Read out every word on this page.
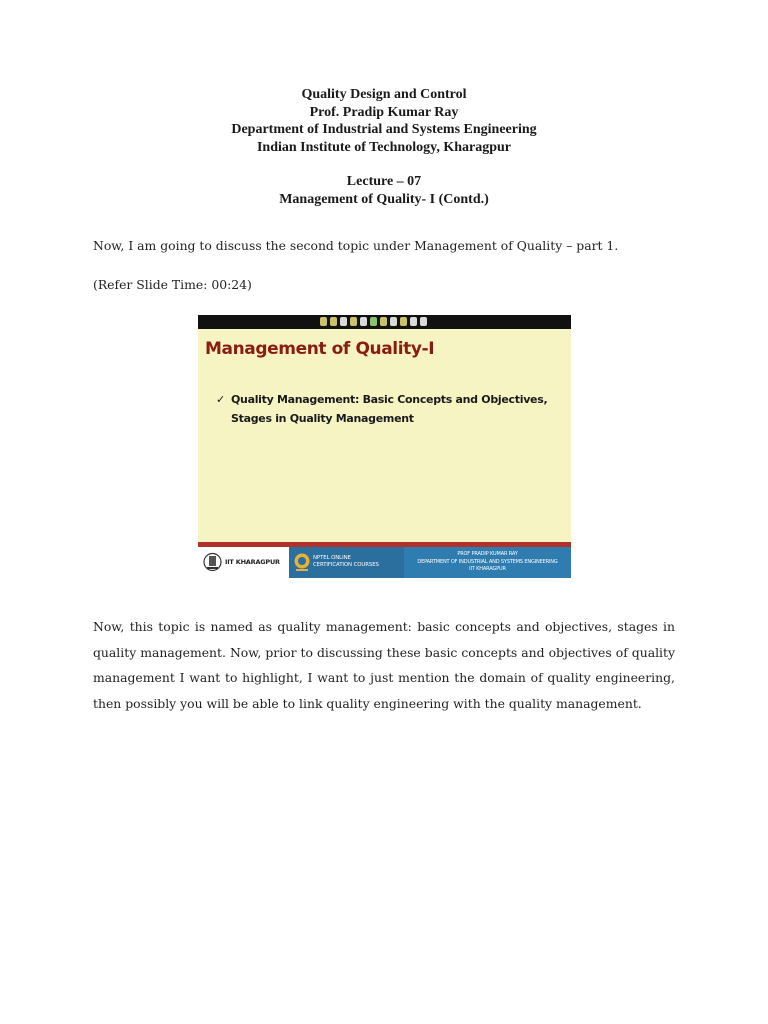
Quality Design and Control
Prof. Pradip Kumar Ray
Department of Industrial and Systems Engineering
Indian Institute of Technology, Kharagpur
Lecture – 07
Management of Quality- I (Contd.)

Now, I am going to discuss the second topic under Management of Quality – part 1.

(Refer Slide Time: 00:24)

Management of Quality-I
✓ Quality Management: Basic Concepts and Objectives, Stages in Quality Management
IIT KHARAGPUR	NPTEL ONLINE
CERTIFICATION COURSES
PROF PRADIP KUMAR RAY
DEPARTMENT OF INDUSTRIAL AND SYSTEMS ENGINEERING
IIT KHARAGPUR

Now, this topic is named as quality management: basic concepts and objectives, stages in quality management. Now, prior to discussing these basic concepts and objectives of quality management I want to highlight, I want to just mention the domain of quality engineering, then possibly you will be able to link quality engineering with the quality management.
